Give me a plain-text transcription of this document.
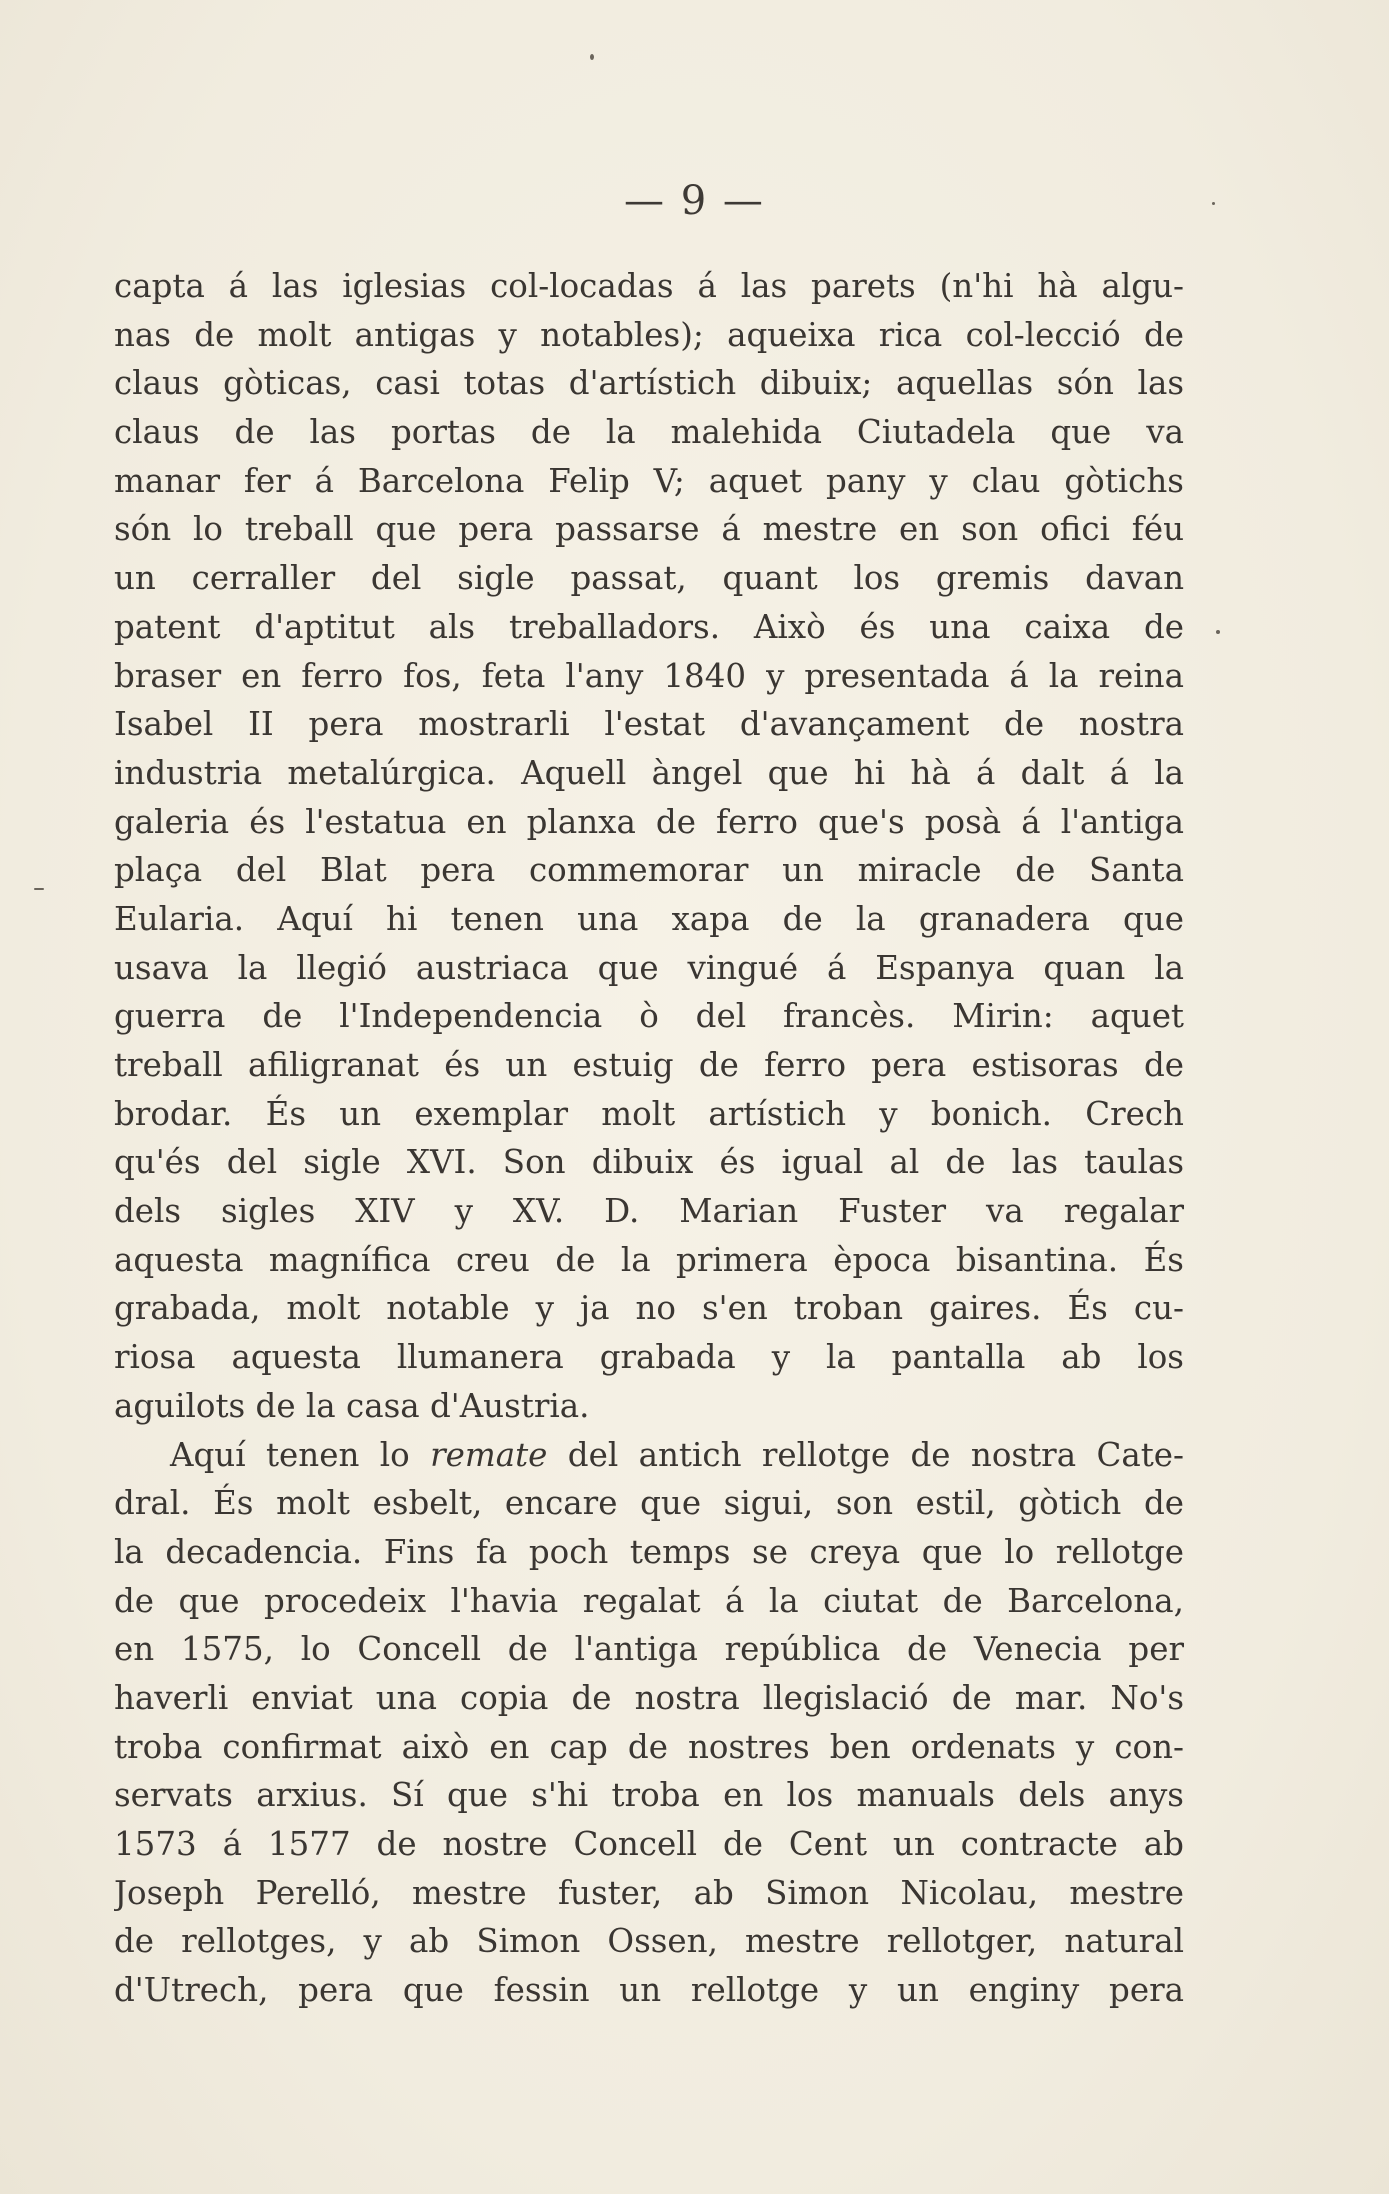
— 9 —
capta á las iglesias col-locadas á las parets (n'hi hà algu-
nas de molt antigas y notables); aqueixa rica col-lecció de
claus gòticas, casi totas d'artístich dibuix; aquellas són las
claus de las portas de la malehida Ciutadela que va
manar fer á Barcelona Felip V; aquet pany y clau gòtichs
són lo treball que pera passarse á mestre en son ofici féu
un cerraller del sigle passat, quant los gremis davan
patent d'aptitut als treballadors. Això és una caixa de
braser en ferro fos, feta l'any 1840 y presentada á la reina
Isabel II pera mostrarli l'estat d'avançament de nostra
industria metalúrgica. Aquell àngel que hi hà á dalt á la
galeria és l'estatua en planxa de ferro que's posà á l'antiga
plaça del Blat pera commemorar un miracle de Santa
Eularia. Aquí hi tenen una xapa de la granadera que
usava la llegió austriaca que vingué á Espanya quan la
guerra de l'Independencia ò del francès. Mirin: aquet
treball afiligranat és un estuig de ferro pera estisoras de
brodar. És un exemplar molt artístich y bonich. Crech
qu'és del sigle XVI. Son dibuix és igual al de las taulas
dels sigles XIV y XV. D. Marian Fuster va regalar
aquesta magnífica creu de la primera època bisantina. És
grabada, molt notable y ja no s'en troban gaires. És cu-
riosa aquesta llumanera grabada y la pantalla ab los
aguilots de la casa d'Austria.
Aquí tenen lo remate del antich rellotge de nostra Cate-
dral. És molt esbelt, encare que sigui, son estil, gòtich de
la decadencia. Fins fa poch temps se creya que lo rellotge
de que procedeix l'havia regalat á la ciutat de Barcelona,
en 1575, lo Concell de l'antiga república de Venecia per
haverli enviat una copia de nostra llegislació de mar. No's
troba confirmat això en cap de nostres ben ordenats y con-
servats arxius. Sí que s'hi troba en los manuals dels anys
1573 á 1577 de nostre Concell de Cent un contracte ab
Joseph Perelló, mestre fuster, ab Simon Nicolau, mestre
de rellotges, y ab Simon Ossen, mestre rellotger, natural
d'Utrech, pera que fessin un rellotge y un enginy pera
